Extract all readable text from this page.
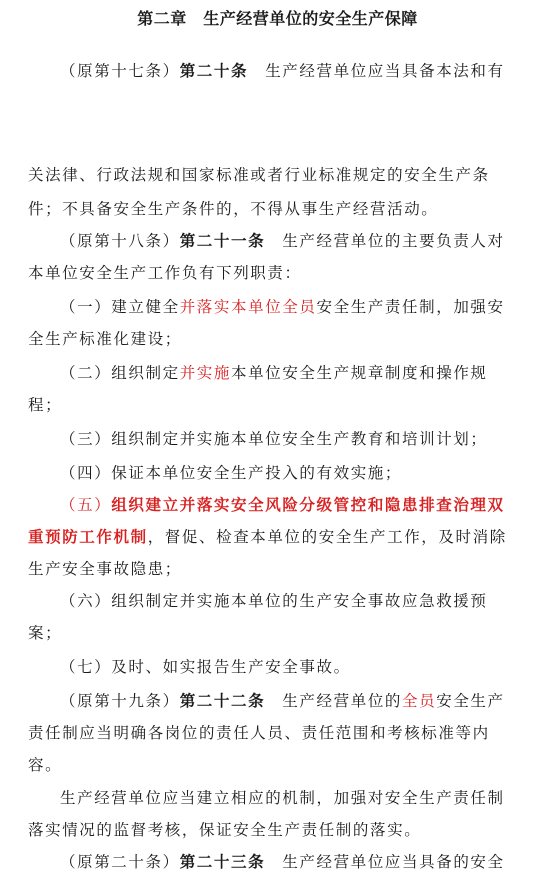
第二章　生产经营单位的安全生产保障
（原第十七条）第二十条　生产经营单位应当具备本法和有
关法律、行政法规和国家标准或者行业标准规定的安全生产条
件；不具备安全生产条件的，不得从事生产经营活动。
（原第十八条）第二十一条　生产经营单位的主要负责人对
本单位安全生产工作负有下列职责：
（一）建立健全并落实本单位全员安全生产责任制，加强安
全生产标准化建设；
（二）组织制定并实施本单位安全生产规章制度和操作规
程；
（三）组织制定并实施本单位安全生产教育和培训计划；
（四）保证本单位安全生产投入的有效实施；
（五）组织建立并落实安全风险分级管控和隐患排查治理双
重预防工作机制，督促、检查本单位的安全生产工作，及时消除
生产安全事故隐患；
（六）组织制定并实施本单位的生产安全事故应急救援预
案；
（七）及时、如实报告生产安全事故。
（原第十九条）第二十二条　生产经营单位的全员安全生产
责任制应当明确各岗位的责任人员、责任范围和考核标准等内
容。
生产经营单位应当建立相应的机制，加强对安全生产责任制
落实情况的监督考核，保证安全生产责任制的落实。
（原第二十条）第二十三条　生产经营单位应当具备的安全
